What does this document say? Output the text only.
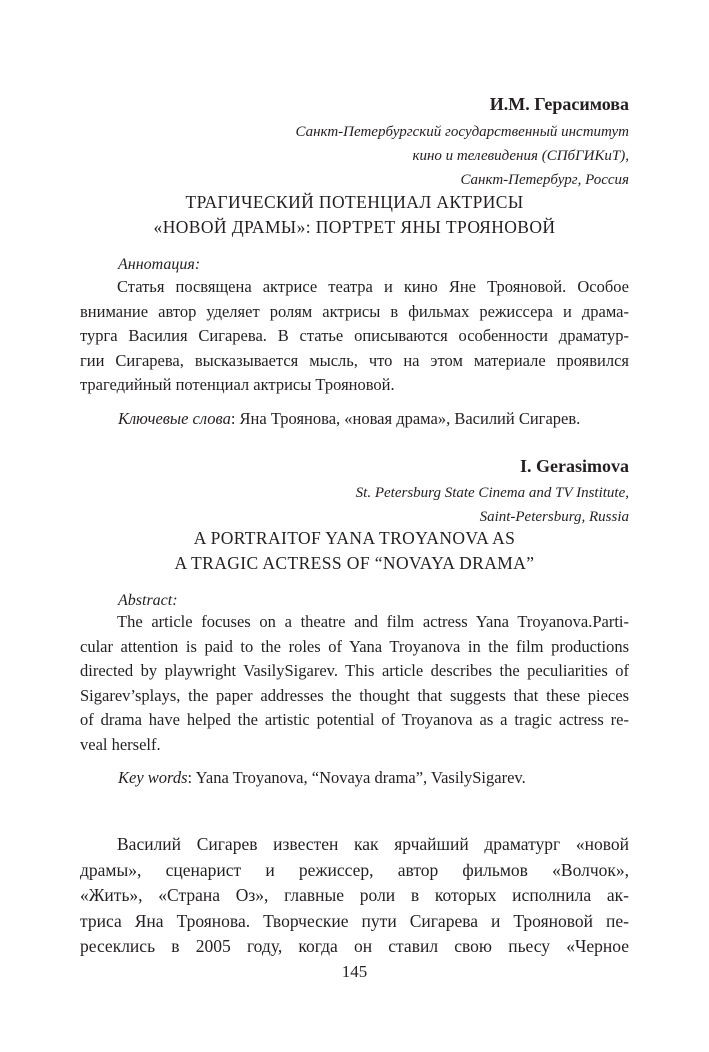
И.М. Герасимова
Санкт-Петербургский государственный институт
кино и телевидения (СПбГИКиТ),
Санкт-Петербург, Россия
ТРАГИЧЕСКИЙ ПОТЕНЦИАЛ АКТРИСЫ
«НОВОЙ ДРАМЫ»: ПОРТРЕТ ЯНЫ ТРОЯНОВОЙ
Аннотация:
Статья посвящена актрисе театра и кино Яне Трояновой. Особое
внимание автор уделяет ролям актрисы в фильмах режиссера и драма-
турга Василия Сигарева. В статье описываются особенности драматур-
гии Сигарева, высказывается мысль, что на этом материале проявился
трагедийный потенциал актрисы Трояновой.
Ключевые слова: Яна Троянова, «новая драма», Василий Сигарев.
I. Gerasimova
St. Petersburg State Cinema and TV Institute,
Saint-Petersburg, Russia
A PORTRAITOF YANA TROYANOVA AS
A TRAGIC ACTRESS OF “NOVAYA DRAMA”
Abstract:
The article focuses on a theatre and film actress Yana Troyanova.Parti-
cular attention is paid to the roles of Yana Troyanova in the film productions
directed by playwright VasilySigarev. This article describes the peculiarities of
Sigarev’splays, the paper addresses the thought that suggests that these pieces
of drama have helped the artistic potential of Troyanova as a tragic actress re-
veal herself.
Key words: Yana Troyanova, “Novaya drama”, VasilySigarev.
Василий Сигарев известен как ярчайший драматург «новой
драмы», сценарист и режиссер, автор фильмов «Волчок»,
«Жить», «Страна Оз», главные роли в которых исполнила ак-
триса Яна Троянова. Творческие пути Сигарева и Трояновой пе-
ресеклись в 2005 году, когда он ставил свою пьесу «Черное
145
